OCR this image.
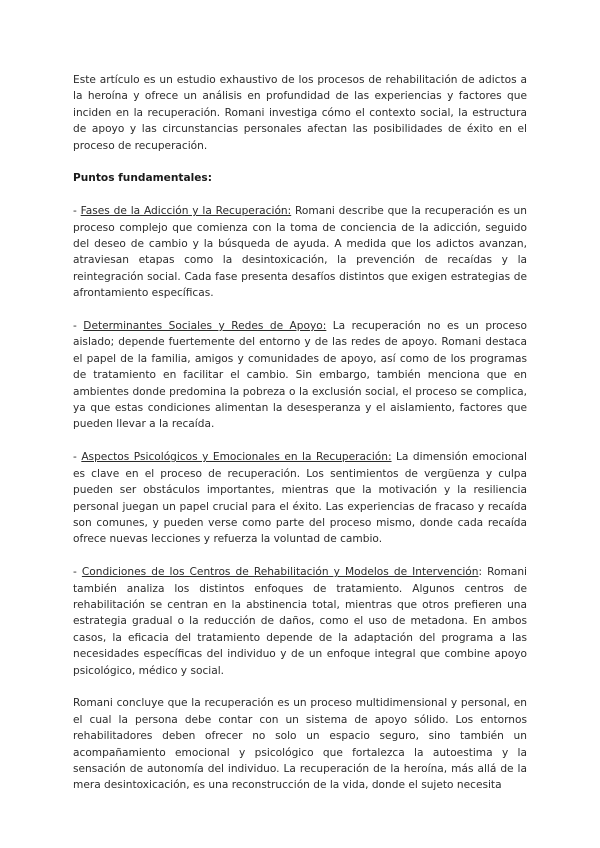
Este artículo es un estudio exhaustivo de los procesos de rehabilitación de adictos a la heroína y ofrece un análisis en profundidad de las experiencias y factores que inciden en la recuperación. Romani investiga cómo el contexto social, la estructura de apoyo y las circunstancias personales afectan las posibilidades de éxito en el proceso de recuperación.

Puntos fundamentales:

- Fases de la Adicción y la Recuperación: Romani describe que la recuperación es un proceso complejo que comienza con la toma de conciencia de la adicción, seguido del deseo de cambio y la búsqueda de ayuda. A medida que los adictos avanzan, atraviesan etapas como la desintoxicación, la prevención de recaídas y la reintegración social. Cada fase presenta desafíos distintos que exigen estrategias de afrontamiento específicas.

- Determinantes Sociales y Redes de Apoyo: La recuperación no es un proceso aislado; depende fuertemente del entorno y de las redes de apoyo. Romani destaca el papel de la familia, amigos y comunidades de apoyo, así como de los programas de tratamiento en facilitar el cambio. Sin embargo, también menciona que en ambientes donde predomina la pobreza o la exclusión social, el proceso se complica, ya que estas condiciones alimentan la desesperanza y el aislamiento, factores que pueden llevar a la recaída.

- Aspectos Psicológicos y Emocionales en la Recuperación: La dimensión emocional es clave en el proceso de recuperación. Los sentimientos de vergüenza y culpa pueden ser obstáculos importantes, mientras que la motivación y la resiliencia personal juegan un papel crucial para el éxito. Las experiencias de fracaso y recaída son comunes, y pueden verse como parte del proceso mismo, donde cada recaída ofrece nuevas lecciones y refuerza la voluntad de cambio.

- Condiciones de los Centros de Rehabilitación y Modelos de Intervención: Romani también analiza los distintos enfoques de tratamiento. Algunos centros de rehabilitación se centran en la abstinencia total, mientras que otros prefieren una estrategia gradual o la reducción de daños, como el uso de metadona. En ambos casos, la eficacia del tratamiento depende de la adaptación del programa a las necesidades específicas del individuo y de un enfoque integral que combine apoyo psicológico, médico y social.

Romani concluye que la recuperación es un proceso multidimensional y personal, en el cual la persona debe contar con un sistema de apoyo sólido. Los entornos rehabilitadores deben ofrecer no solo un espacio seguro, sino también un acompañamiento emocional y psicológico que fortalezca la autoestima y la sensación de autonomía del individuo. La recuperación de la heroína, más allá de la mera desintoxicación, es una reconstrucción de la vida, donde el sujeto necesita
